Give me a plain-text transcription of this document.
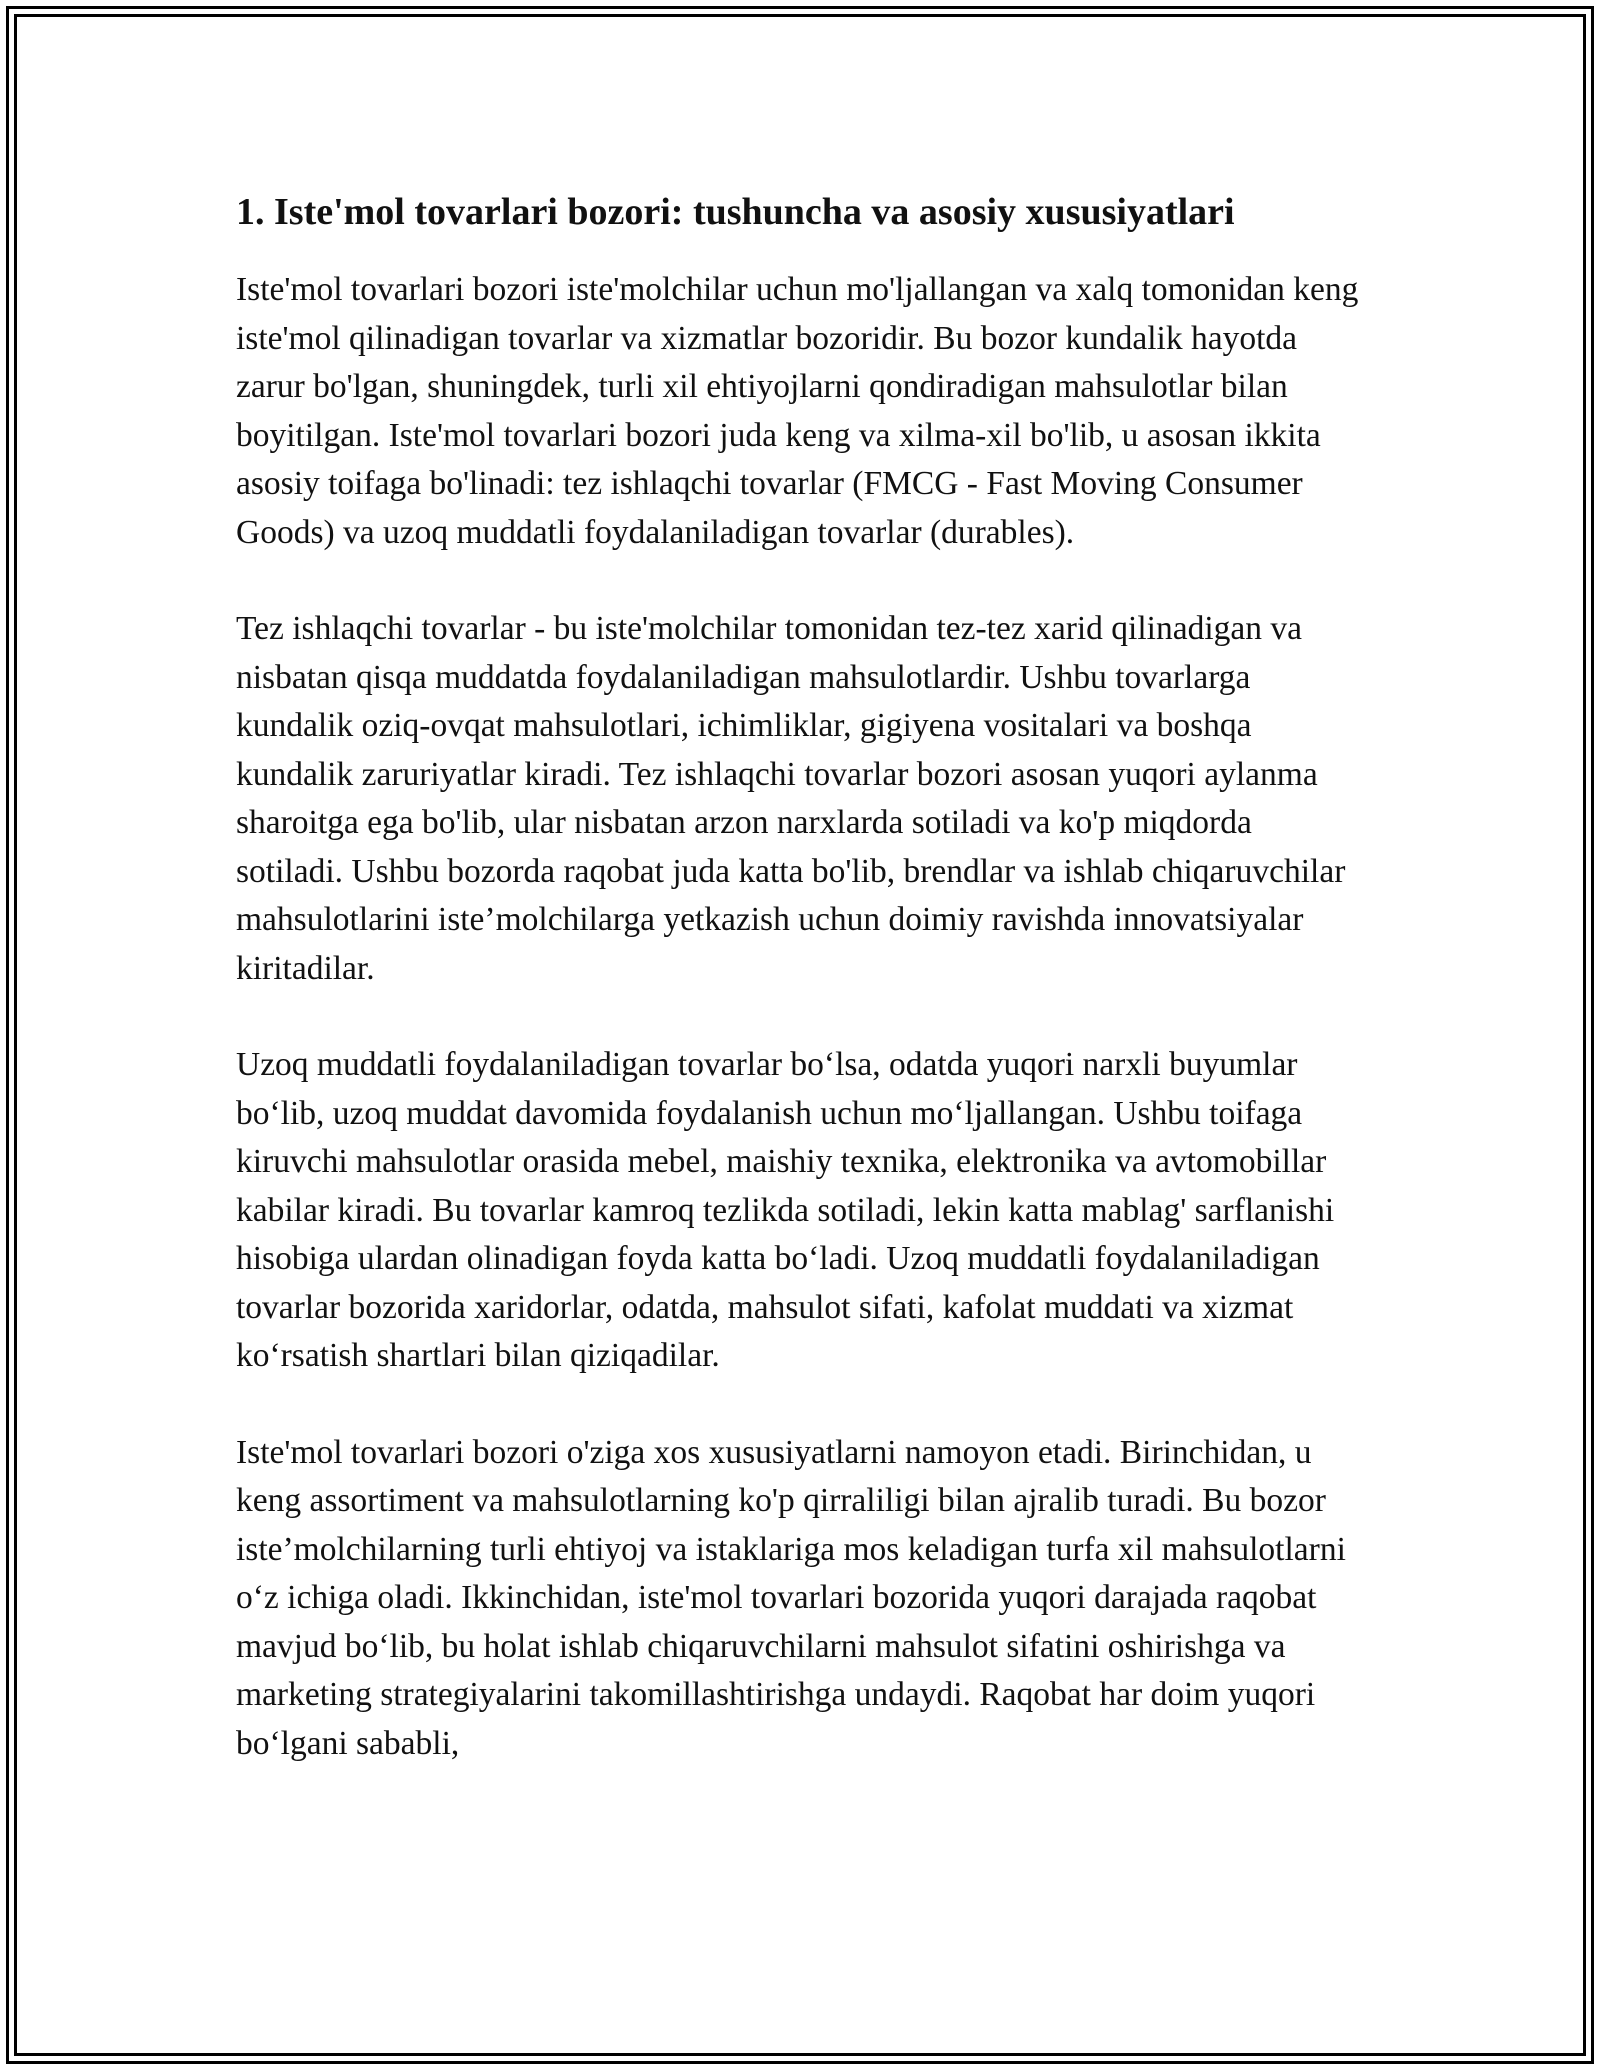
1. Iste'mol tovarlari bozori: tushuncha va asosiy xususiyatlari

Iste'mol tovarlari bozori iste'molchilar uchun mo'ljallangan va xalq tomonidan keng iste'mol qilinadigan tovarlar va xizmatlar bozoridir. Bu bozor kundalik hayotda zarur bo'lgan, shuningdek, turli xil ehtiyojlarni qondiradigan mahsulotlar bilan boyitilgan. Iste'mol tovarlari bozori juda keng va xilma-xil bo'lib, u asosan ikkita asosiy toifaga bo'linadi: tez ishlaqchi tovarlar (FMCG - Fast Moving Consumer Goods) va uzoq muddatli foydalaniladigan tovarlar (durables).

Tez ishlaqchi tovarlar - bu iste'molchilar tomonidan tez-tez xarid qilinadigan va nisbatan qisqa muddatda foydalaniladigan mahsulotlardir. Ushbu tovarlarga kundalik oziq-ovqat mahsulotlari, ichimliklar, gigiyena vositalari va boshqa kundalik zaruriyatlar kiradi. Tez ishlaqchi tovarlar bozori asosan yuqori aylanma sharoitga ega bo'lib, ular nisbatan arzon narxlarda sotiladi va ko'p miqdorda sotiladi. Ushbu bozorda raqobat juda katta bo'lib, brendlar va ishlab chiqaruvchilar mahsulotlarini iste’molchilarga yetkazish uchun doimiy ravishda innovatsiyalar kiritadilar.

Uzoq muddatli foydalaniladigan tovarlar boʻlsa, odatda yuqori narxli buyumlar boʻlib, uzoq muddat davomida foydalanish uchun moʻljallangan. Ushbu toifaga kiruvchi mahsulotlar orasida mebel, maishiy texnika, elektronika va avtomobillar kabilar kiradi. Bu tovarlar kamroq tezlikda sotiladi, lekin katta mablag' sarflanishi hisobiga ulardan olinadigan foyda katta boʻladi. Uzoq muddatli foydalaniladigan tovarlar bozorida xaridorlar, odatda, mahsulot sifati, kafolat muddati va xizmat koʻrsatish shartlari bilan qiziqadilar.

Iste'mol tovarlari bozori o'ziga xos xususiyatlarni namoyon etadi. Birinchidan, u keng assortiment va mahsulotlarning ko'p qirraliligi bilan ajralib turadi. Bu bozor iste’molchilarning turli ehtiyoj va istaklariga mos keladigan turfa xil mahsulotlarni oʻz ichiga oladi. Ikkinchidan, iste'mol tovarlari bozorida yuqori darajada raqobat mavjud boʻlib, bu holat ishlab chiqaruvchilarni mahsulot sifatini oshirishga va marketing strategiyalarini takomillashtirishga undaydi. Raqobat har doim yuqori boʻlgani sababli,
